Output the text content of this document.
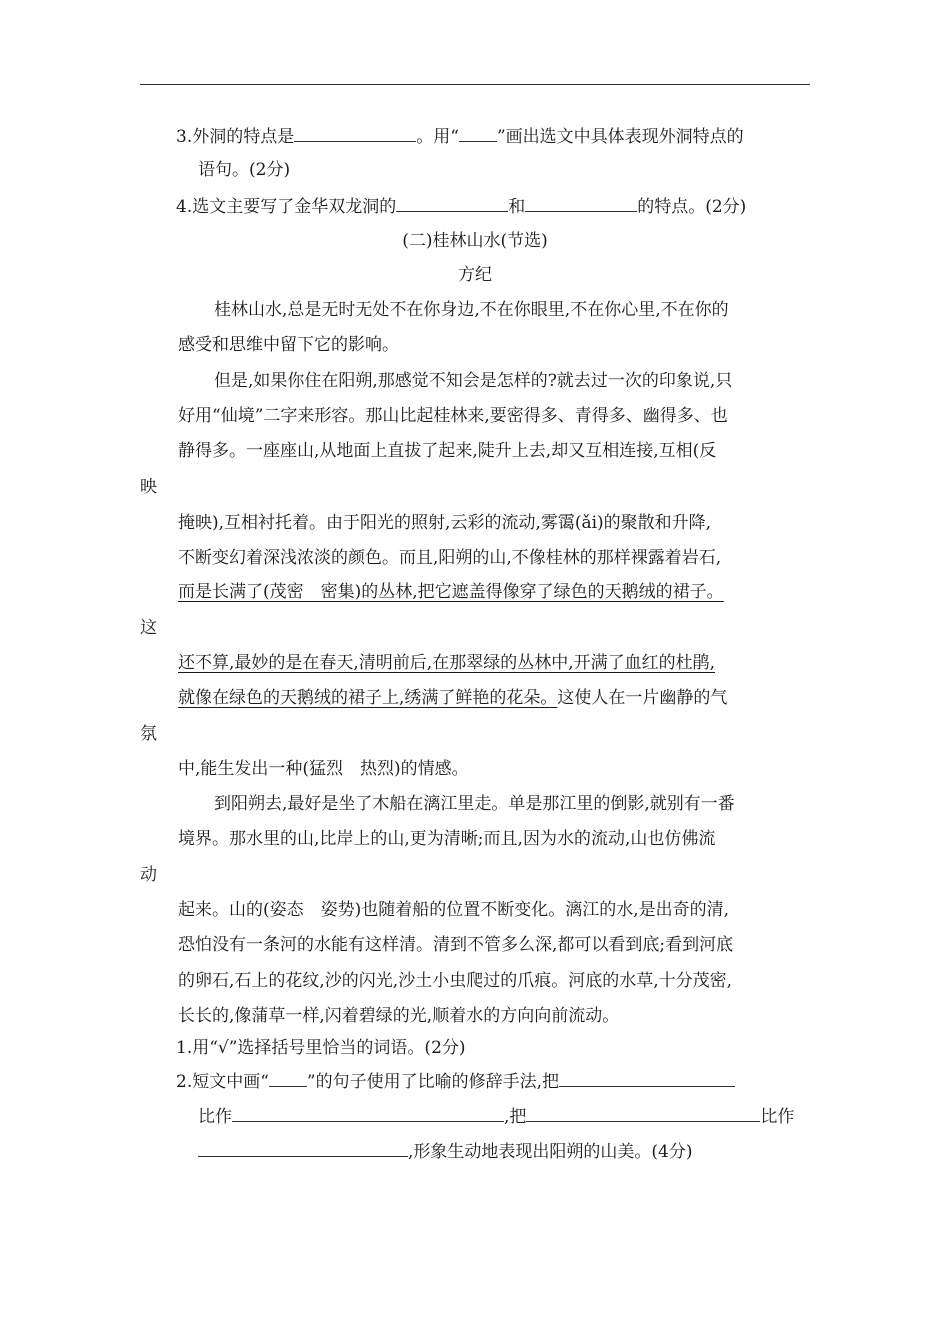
3.外洞的特点是	。用“ ”画出选文中具体表现外洞特点的
语句。(2分)
4.选文主要写了金华双龙洞的	和	的特点。(2分)
(二)桂林山水(节选)
方纪
桂林山水,总是无时无处不在你身边,不在你眼里,不在你心里,不在你的
感受和思维中留下它的影响。
但是,如果你住在阳朔,那感觉不知会是怎样的?就去过一次的印象说,只
好用“仙境”二字来形容。那山比起桂林来,要密得多、青得多、幽得多、也
静得多。一座座山,从地面上直拔了起来,陡升上去,却又互相连接,互相(反
映
掩映),互相衬托着。由于阳光的照射,云彩的流动,雾霭(ǎi)的聚散和升降,
不断变幻着深浅浓淡的颜色。而且,阳朔的山,不像桂林的那样裸露着岩石,
而是长满了(茂密　密集)的丛林,把它遮盖得像穿了绿色的天鹅绒的裙子。
这
还不算,最妙的是在春天,清明前后,在那翠绿的丛林中,开满了血红的杜鹃,
就像在绿色的天鹅绒的裙子上,绣满了鲜艳的花朵。这使人在一片幽静的气
氛
中,能生发出一种(猛烈　热烈)的情感。
到阳朔去,最好是坐了木船在漓江里走。单是那江里的倒影,就别有一番
境界。那水里的山,比岸上的山,更为清晰;而且,因为水的流动,山也仿佛流
动
起来。山的(姿态　姿势)也随着船的位置不断变化。漓江的水,是出奇的清,
恐怕没有一条河的水能有这样清。清到不管多么深,都可以看到底;看到河底
的卵石,石上的花纹,沙的闪光,沙土小虫爬过的爪痕。河底的水草,十分茂密,
长长的,像蒲草一样,闪着碧绿的光,顺着水的方向向前流动。
1.用“√”选择括号里恰当的词语。(2分)
2.短文中画“ ”的句子使用了比喻的修辞手法,把
比作	,把	比作
,形象生动地表现出阳朔的山美。(4分)
